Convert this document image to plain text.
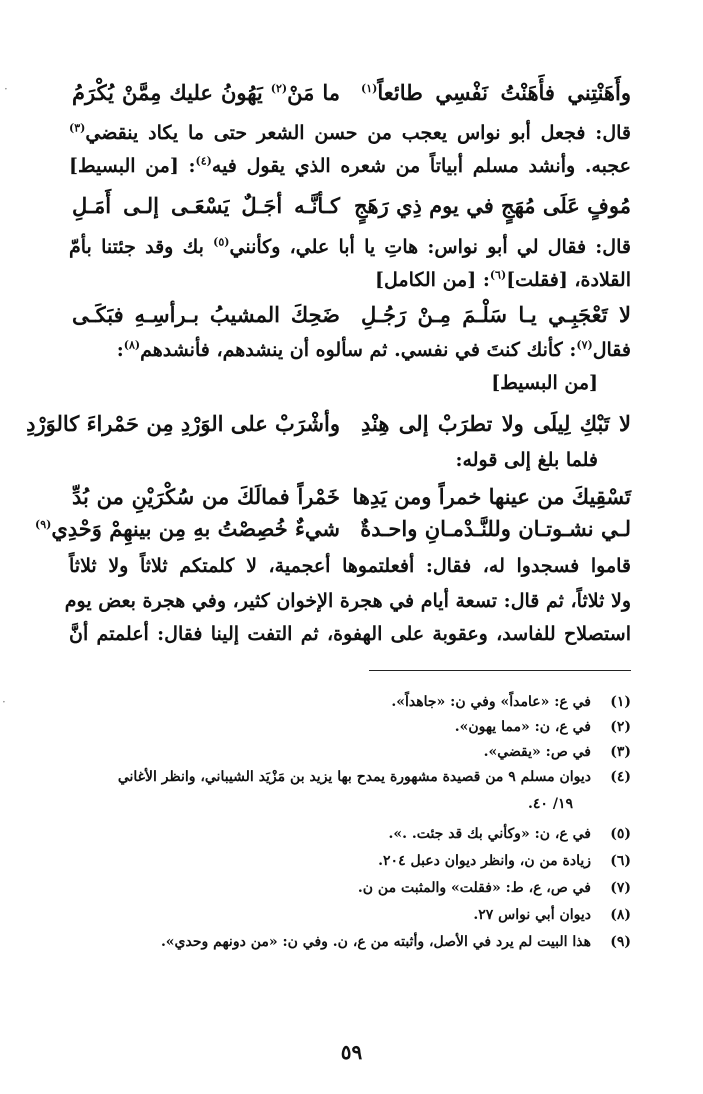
وأَهَنْتِني فأَهَنْتُ نَفْسِي طائعاً$^{(١)}$
ما مَنْ$^{(٢)}$ يَهُونُ عليك مِمَّنْ يُكْرَمُ
قال: فجعل أبو نواس يعجب من حسن الشعر حتى ما يكاد ينقضي$^{(٣)}$
عجبه. وأنشد مسلم أبياتاً من شعره الذي يقول فيه$^{(٤)}$: [من البسيط]
مُوفٍ عَلَى مُهَجٍ في يوم ذِي رَهَجٍ
كـأنَّـه أجَـلٌ يَسْعَـى إلـى أَمَـلِ
قال: فقال لي أبو نواس: هاتِ يا أبا علي، وكأنني$^{(٥)}$ بك وقد جئتنا بأمّ
القلادة، [فقلت]$^{(٦)}$: [من الكامل]
لا تَعْجَبِـي يـا سَلْـمَ مِـنْ رَجُـلِ
ضَحِكَ المشيبُ بـرأسِـهِ فبَكَـى
فقال$^{(٧)}$: كأنك كنتَ في نفسي. ثم سألوه أن ينشدهم، فأنشدهم$^{(٨)}$:
[من البسيط]
لا تَبْكِ لِيلَى ولا تطرَبْ إلى هِنْدِ
وأشْرَبْ على الوَرْدِ مِن حَمْراءَ كالوَرْدِ
فلما بلغ إلى قوله:
تَسْقِيكَ من عينها خمراً ومن يَدِها
خَمْراً فمالَكَ من سُكْرَيْنِ من بُدِّ
لـي نشـوتـان وللنَّـدْمـانِ واحـدةٌ
شيءٌ خُصِصْتُ بهِ مِن بينهِمْ وَحْدِي$^{(٩)}$
قاموا فسجدوا له، فقال: أفعلتموها أعجمية، لا كلمتكم ثلاثاً ولا ثلاثاً
ولا ثلاثاً، ثم قال: تسعة أيام في هجرة الإخوان كثير، وفي هجرة بعض يوم
استصلاح للفاسد، وعقوبة على الهفوة، ثم التفت إلينا فقال: أعلمتم أنَّ
(١)في ع: «عامداً» وفي ن: «جاهداً».
(٢)في ع، ن: «مما يهون».
(٣)في ص: «يقضي».
(٤)ديوان مسلم ٩ من قصيدة مشهورة يمدح بها يزيد بن مَزْيَد الشيباني، وانظر الأغاني
١٩/ ٤٠.
(٥)في ع، ن: «وكأني بك قد جئت. .».
(٦)زيادة من ن، وانظر ديوان دعبل ٢٠٤.
(٧)في ص، ع، ط: «فقلت» والمثبت من ن.
(٨)ديوان أبي نواس ٢٧.
(٩)هذا البيت لم يرد في الأصل، وأثبته من ع، ن. وفي ن: «من دونهم وحدي».
٥٩
·
·
